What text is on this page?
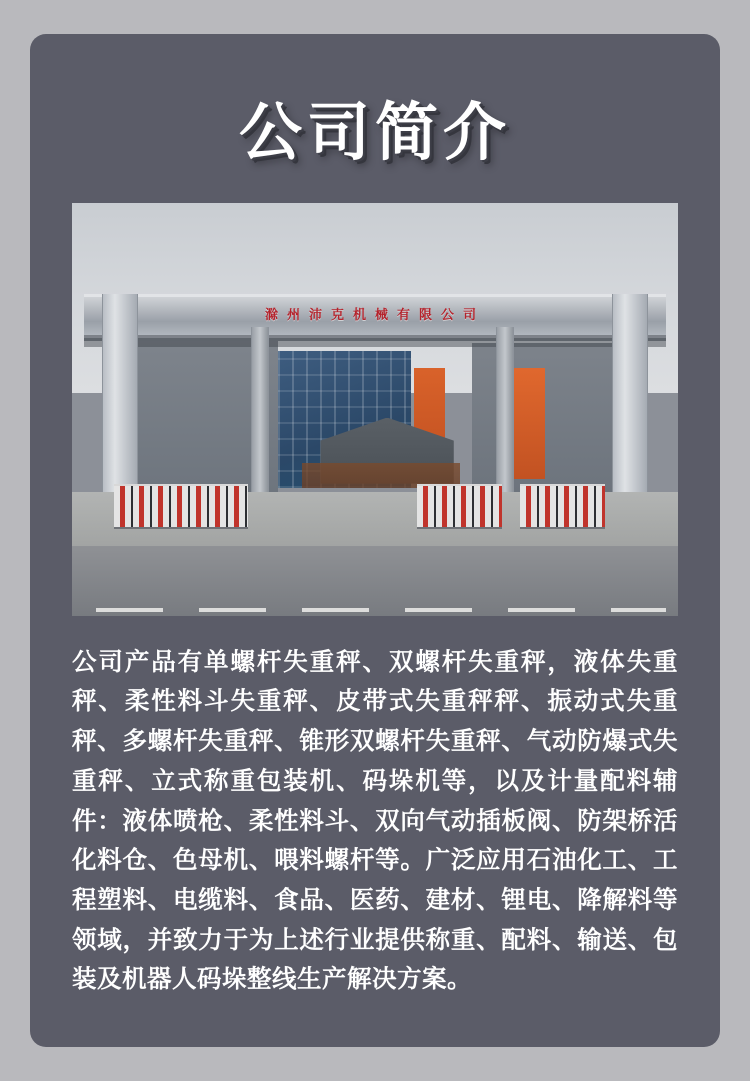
公司简介
滁州沛克机械有限公司

公司产品有单螺杆失重秤、双螺杆失重秤，液体失重秤、柔性料斗失重秤、皮带式失重秤秤、振动式失重秤、多螺杆失重秤、锥形双螺杆失重秤、气动防爆式失重秤、立式称重包装机、码垛机等，以及计量配料辅件：液体喷枪、柔性料斗、双向气动插板阀、防架桥活化料仓、色母机、喂料螺杆等。广泛应用石油化工、工程塑料、电缆料、食品、医药、建材、锂电、降解料等领域，并致力于为上述行业提供称重、配料、输送、包装及机器人码垛整线生产解决方案。
